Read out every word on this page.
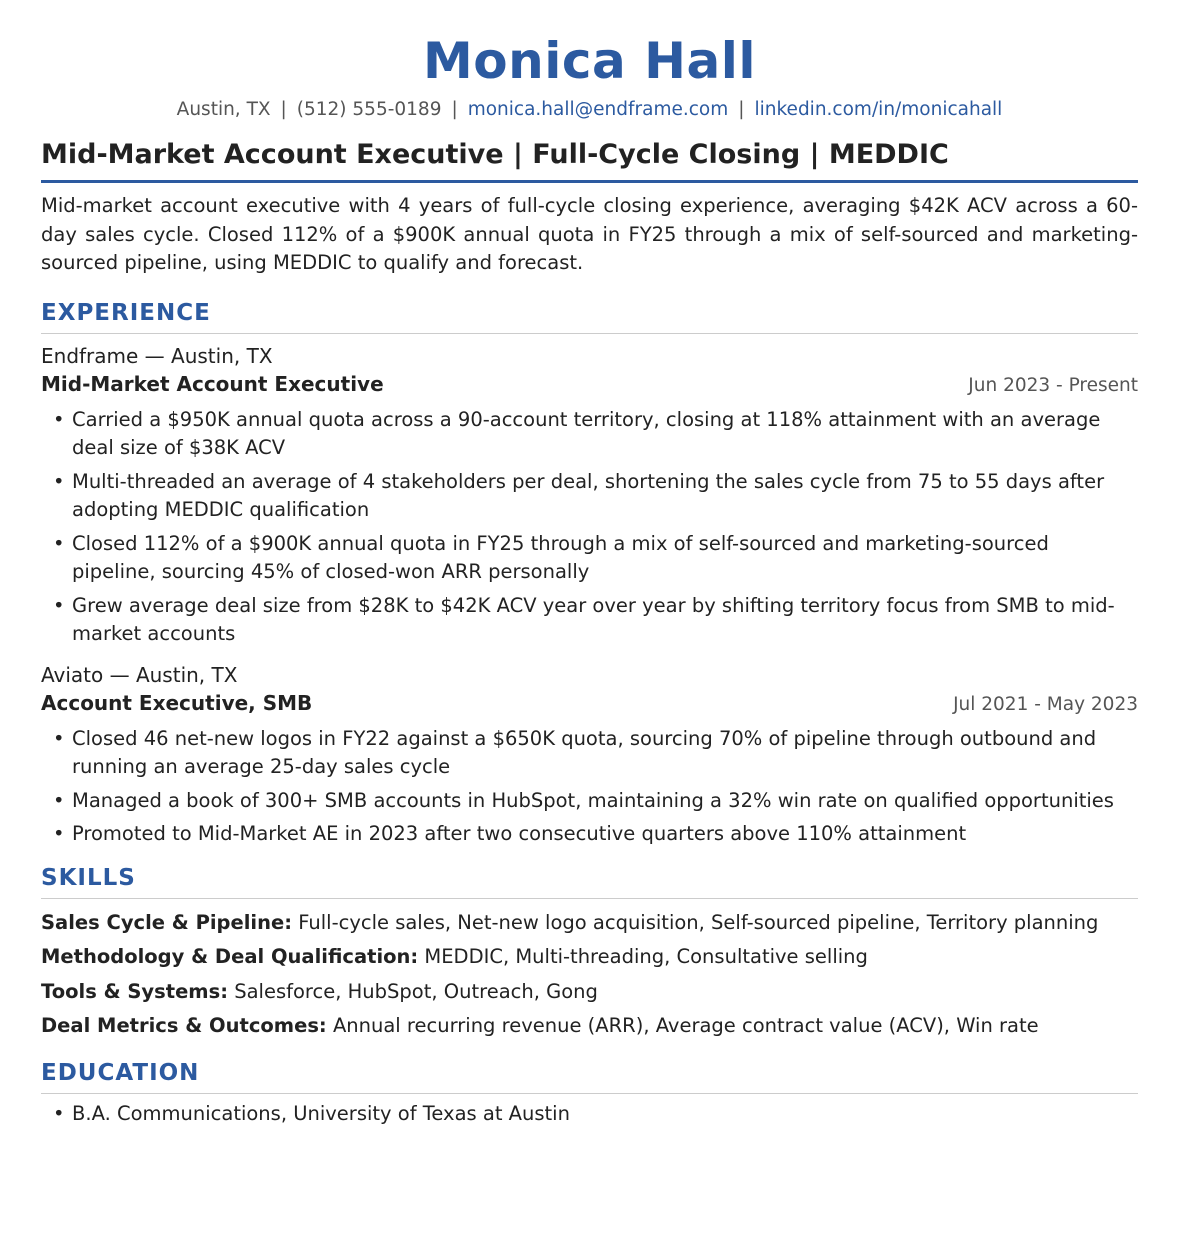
Monica Hall
Austin, TX | (512) 555-0189 | monica.hall@endframe.com | linkedin.com/in/monicahall
Mid-Market Account Executive | Full-Cycle Closing | MEDDIC
Mid-market account executive with 4 years of full-cycle closing experience, averaging $42K ACV across a 60-day sales cycle. Closed 112% of a $900K annual quota in FY25 through a mix of self-sourced and marketing-sourced pipeline, using MEDDIC to qualify and forecast.
EXPERIENCE
Endframe — Austin, TX
Mid-Market Account Executive	Jun 2023 - Present
• Carried a $950K annual quota across a 90-account territory, closing at 118% attainment with an average deal size of $38K ACV
• Multi-threaded an average of 4 stakeholders per deal, shortening the sales cycle from 75 to 55 days after adopting MEDDIC qualification
• Closed 112% of a $900K annual quota in FY25 through a mix of self-sourced and marketing-sourced pipeline, sourcing 45% of closed-won ARR personally
• Grew average deal size from $28K to $42K ACV year over year by shifting territory focus from SMB to mid-market accounts
Aviato — Austin, TX
Account Executive, SMB	Jul 2021 - May 2023
• Closed 46 net-new logos in FY22 against a $650K quota, sourcing 70% of pipeline through outbound and running an average 25-day sales cycle
• Managed a book of 300+ SMB accounts in HubSpot, maintaining a 32% win rate on qualified opportunities
• Promoted to Mid-Market AE in 2023 after two consecutive quarters above 110% attainment
SKILLS
Sales Cycle & Pipeline: Full-cycle sales, Net-new logo acquisition, Self-sourced pipeline, Territory planning
Methodology & Deal Qualification: MEDDIC, Multi-threading, Consultative selling
Tools & Systems: Salesforce, HubSpot, Outreach, Gong
Deal Metrics & Outcomes: Annual recurring revenue (ARR), Average contract value (ACV), Win rate
EDUCATION
• B.A. Communications, University of Texas at Austin
